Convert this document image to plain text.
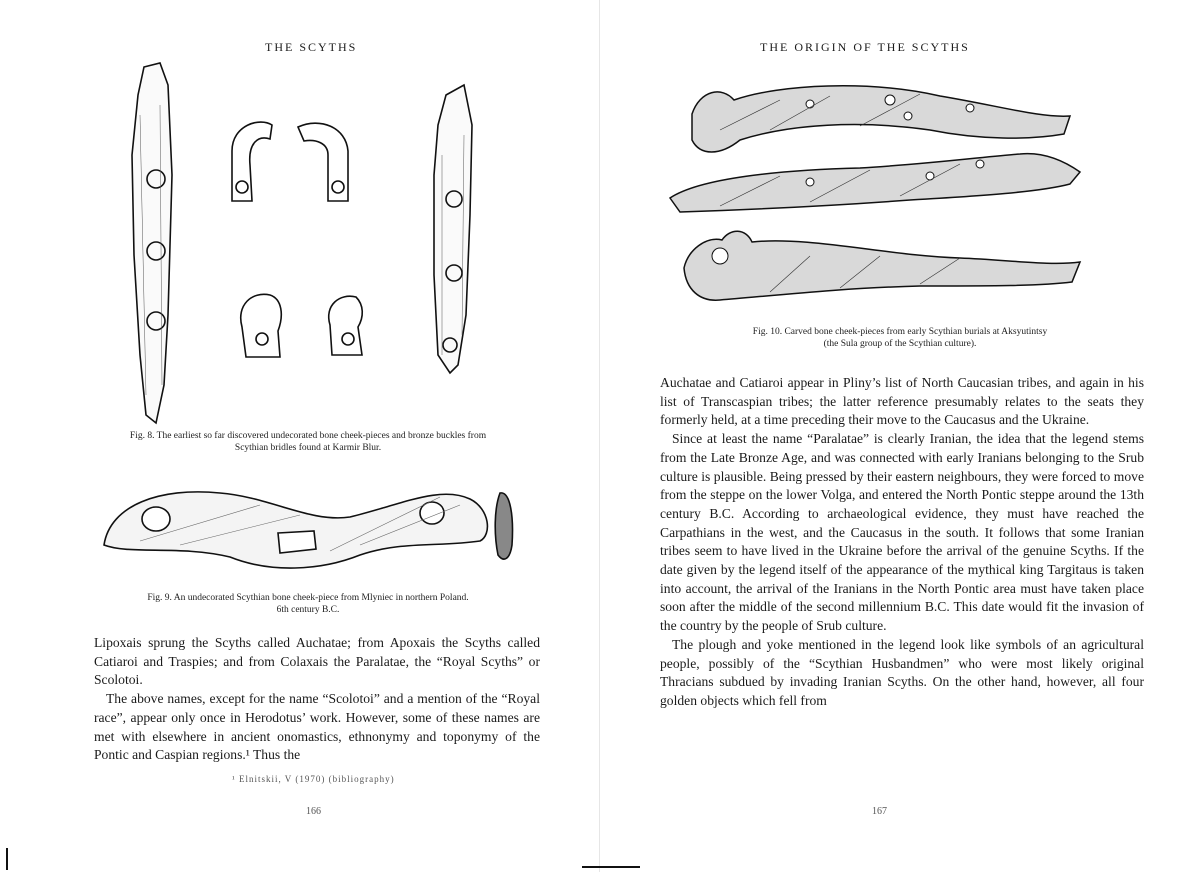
THE SCYTHS
Fig. 8. The earliest so far discovered undecorated bone cheek-pieces and bronze buckles from
Scythian bridles found at Karmir Blur.
Fig. 9. An undecorated Scythian bone cheek-piece from Mlyniec in northern Poland.
6th century B.C.

Lipoxais sprung the Scyths called Auchatae; from Apoxais the Scyths called Catiaroi and Traspies; and from Colaxais the Paralatae, the “Royal Scyths” or Scolotoi.

The above names, except for the name “Scolotoi” and a mention of the “Royal race”, appear only once in Herodotus’ work. However, some of these names are met with elsewhere in ancient onomastics, ethnonymy and toponymy of the Pontic and Caspian regions.¹ Thus the

¹ Elnitskii, V (1970) (bibliography)
166
THE ORIGIN OF THE SCYTHS
Fig. 10. Carved bone cheek-pieces from early Scythian burials at Aksyutintsy
(the Sula group of the Scythian culture).

Auchatae and Catiaroi appear in Pliny’s list of North Caucasian tribes, and again in his list of Transcaspian tribes; the latter reference presumably relates to the seats they formerly held, at a time preceding their move to the Caucasus and the Ukraine.

Since at least the name “Paralatae” is clearly Iranian, the idea that the legend stems from the Late Bronze Age, and was connected with early Iranians belonging to the Srub culture is plausible. Being pressed by their eastern neighbours, they were forced to move from the steppe on the lower Volga, and entered the North Pontic steppe around the 13th century B.C. According to archaeological evidence, they must have reached the Carpathians in the west, and the Caucasus in the south. It follows that some Iranian tribes seem to have lived in the Ukraine before the arrival of the genuine Scyths. If the date given by the legend itself of the appearance of the mythical king Targitaus is taken into account, the arrival of the Iranians in the North Pontic area must have taken place soon after the middle of the second millennium B.C. This date would fit the invasion of the country by the people of Srub culture.

The plough and yoke mentioned in the legend look like symbols of an agricultural people, possibly of the “Scythian Husbandmen” who were most likely original Thracians subdued by invading Iranian Scyths. On the other hand, however, all four golden objects which fell from

167
